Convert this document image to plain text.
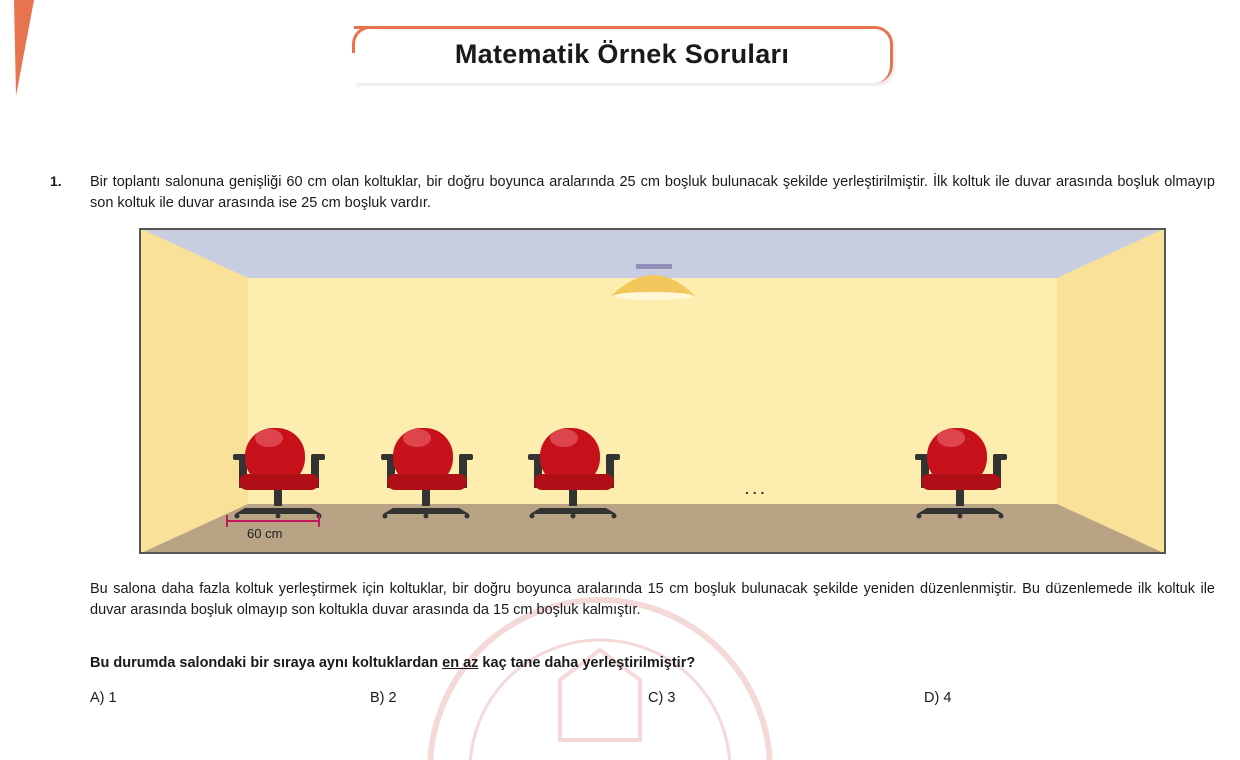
Matematik Örnek Soruları
1. Bir toplantı salonuna genişliği 60 cm olan koltuklar, bir doğru boyunca aralarında 25 cm boşluk bulunacak şekilde yerleştirilmiştir. İlk koltuk ile duvar arasında boşluk olmayıp son koltuk ile duvar arasında ise 25 cm boşluk vardır.
. . .
60 cm
Bu salona daha fazla koltuk yerleştirmek için koltuklar, bir doğru boyunca aralarında 15 cm boşluk bulunacak şekilde yeniden düzenlenmiştir. Bu düzenlemede ilk koltuk ile duvar arasında boşluk olmayıp son koltukla duvar arasında da 15 cm boşluk kalmıştır.
Bu durumda salondaki bir sıraya aynı koltuklardan en az kaç tane daha yerleştirilmiştir?
A) 1	B) 2	C) 3	D) 4
